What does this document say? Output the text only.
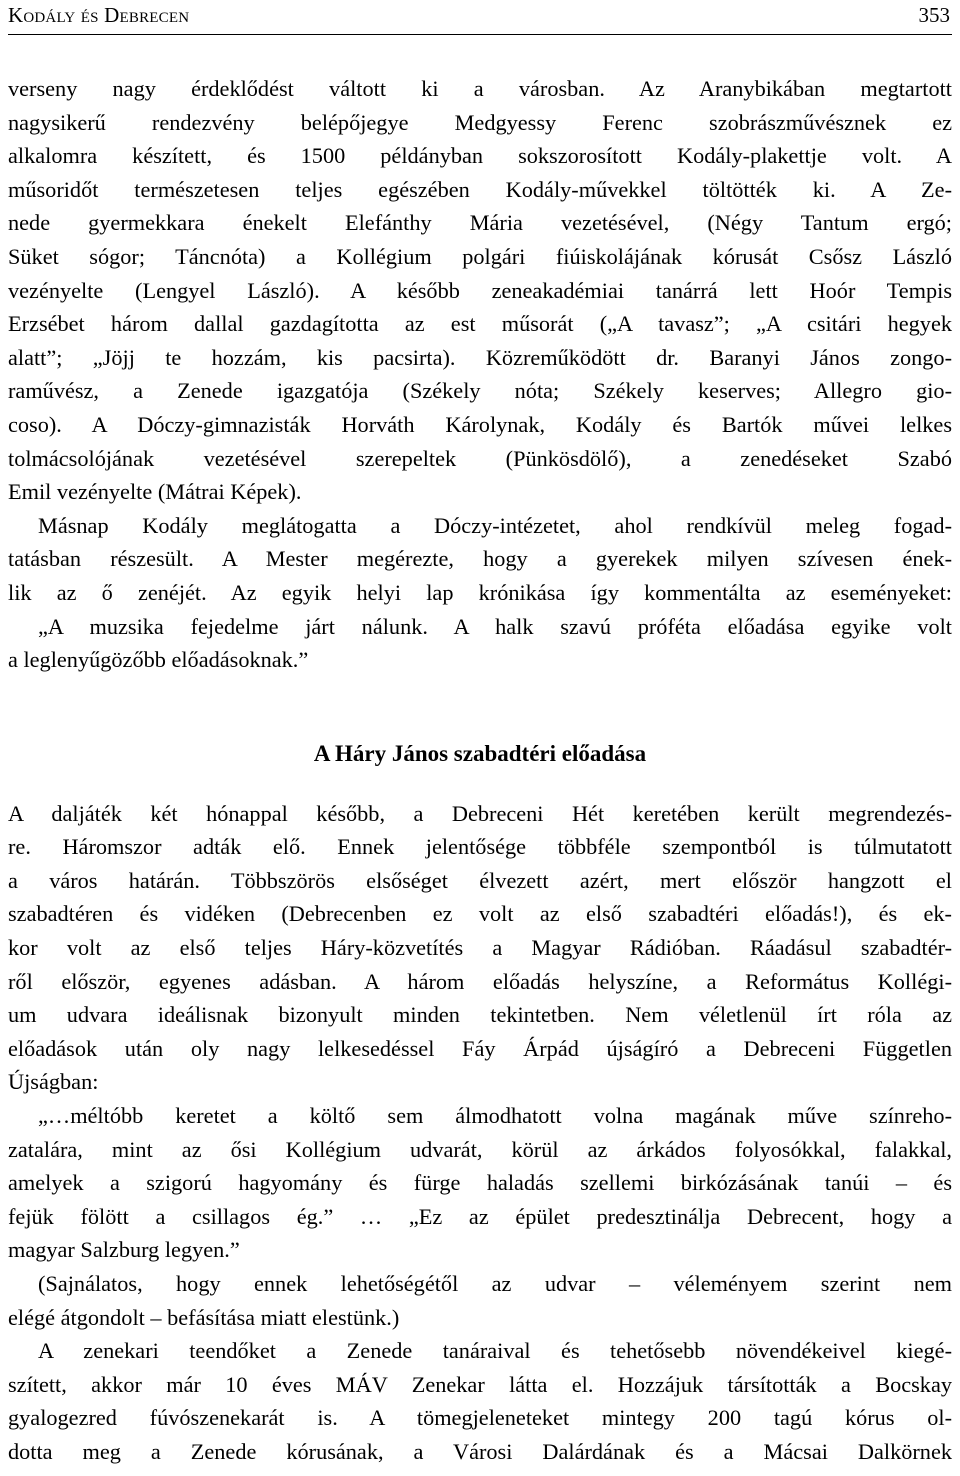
Kodály és Debrecen	353
verseny nagy érdeklődést váltott ki a városban. Az Aranybikában megtartott
nagysikerű rendezvény belépőjegye Medgyessy Ferenc szobrászművésznek ez
alkalomra készített, és 1500 példányban sokszorosított Kodály-plakettje volt. A
műsoridőt természetesen teljes egészében Kodály-művekkel töltötték ki. A Ze-
nede gyermekkara énekelt Elefánthy Mária vezetésével, (Négy Tantum ergó;
Süket sógor; Táncnóta) a Kollégium polgári fiúiskolájának kórusát Csősz László
vezényelte (Lengyel László). A később zeneakadémiai tanárrá lett Hoór Tempis
Erzsébet három dallal gazdagította az est műsorát („A tavasz”; „A csitári hegyek
alatt”; „Jöjj te hozzám, kis pacsirta). Közreműködött dr. Baranyi János zongo-
raművész, a Zenede igazgatója (Székely nóta; Székely keserves; Allegro gio-
coso). A Dóczy-gimnazisták Horváth Károlynak, Kodály és Bartók művei lelkes
tolmácsolójának vezetésével szerepeltek (Pünkösdölő), a zenedéseket Szabó
Emil vezényelte (Mátrai Képek).
Másnap Kodály meglátogatta a Dóczy-intézetet, ahol rendkívül meleg fogad-
tatásban részesült. A Mester megérezte, hogy a gyerekek milyen szívesen ének-
lik az ő zenéjét. Az egyik helyi lap krónikása így kommentálta az eseményeket:
„A muzsika fejedelme járt nálunk. A halk szavú próféta előadása egyike volt
a leglenyűgözőbb előadásoknak.”
A Háry János szabadtéri előadása
A daljáték két hónappal később, a Debreceni Hét keretében került megrendezés-
re. Háromszor adták elő. Ennek jelentősége többféle szempontból is túlmutatott
a város határán. Többszörös elsőséget élvezett azért, mert először hangzott el
szabadtéren és vidéken (Debrecenben ez volt az első szabadtéri előadás!), és ek-
kor volt az első teljes Háry-közvetítés a Magyar Rádióban. Ráadásul szabadtér-
ről először, egyenes adásban. A három előadás helyszíne, a Református Kollégi-
um udvara ideálisnak bizonyult minden tekintetben. Nem véletlenül írt róla az
előadások után oly nagy lelkesedéssel Fáy Árpád újságíró a Debreceni Független
Újságban:
„…méltóbb keretet a költő sem álmodhatott volna magának műve színreho-
zatalára, mint az ősi Kollégium udvarát, körül az árkádos folyosókkal, falakkal,
amelyek a szigorú hagyomány és fürge haladás szellemi birkózásának tanúi – és
fejük fölött a csillagos ég.” … „Ez az épület predesztinálja Debrecent, hogy a
magyar Salzburg legyen.”
(Sajnálatos, hogy ennek lehetőségétől az udvar – véleményem szerint nem
elégé átgondolt – befásítása miatt elestünk.)
A zenekari teendőket a Zenede tanáraival és tehetősebb növendékeivel kiegé-
szített, akkor már 10 éves MÁV Zenekar látta el. Hozzájuk társították a Bocskay
gyalogezred fúvószenekarát is. A tömegjeleneteket mintegy 200 tagú kórus ol-
dotta meg a Zenede kórusának, a Városi Dalárdának és a Mácsai Dalkörnek
